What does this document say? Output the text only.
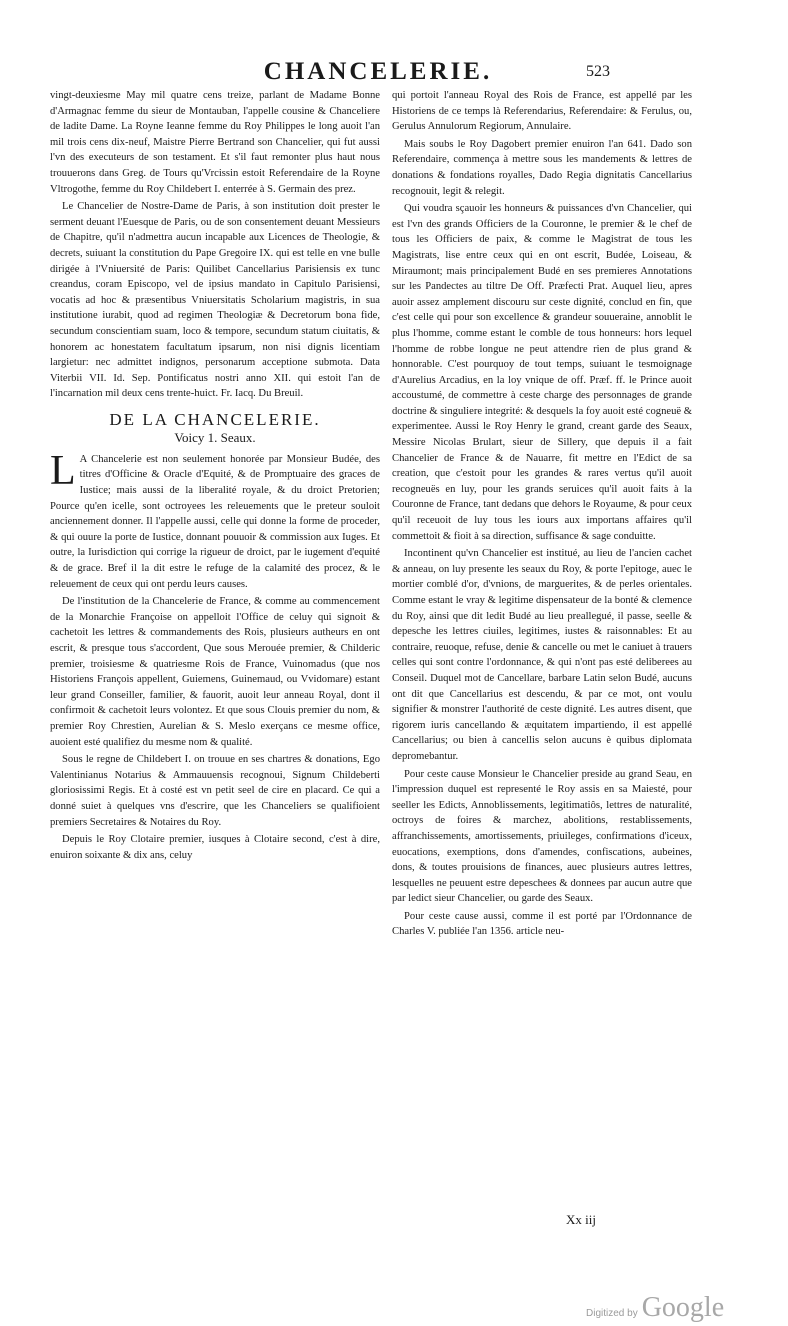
CHANCELERIE.	523

vingt-deuxiesme May mil quatre cens treize, parlant de Madame Bonne d'Armagnac femme du sieur de Montauban, l'appelle cousine & Chanceliere de ladite Dame. La Royne Ieanne femme du Roy Philippes le long auoit l'an mil trois cens dix-neuf, Maistre Pierre Bertrand son Chancelier, qui fut aussi l'vn des executeurs de son testament. Et s'il faut remonter plus haut nous trouuerons dans Greg. de Tours qu'Vrcissin estoit Referendaire de la Royne Vltrogothe, femme du Roy Childebert I. enterrée à S. Germain des prez.

Le Chancelier de Nostre-Dame de Paris, à son institution doit prester le serment deuant l'Euesque de Paris, ou de son consentement deuant Messieurs de Chapitre, qu'il n'admettra aucun incapable aux Licences de Theologie, & decrets, suiuant la constitution du Pape Gregoire IX. qui est telle en vne bulle dirigée à l'Vniuersité de Paris: Quilibet Cancellarius Parisiensis ex tunc creandus, coram Episcopo, vel de ipsius mandato in Capitulo Parisiensi, vocatis ad hoc & præsentibus Vniuersitatis Scholarium magistris, in sua institutione iurabit, quod ad regimen Theologiæ & Decretorum bona fide, secundum conscientiam suam, loco & tempore, secundum statum ciuitatis, & honorem ac honestatem facultatum ipsarum, non nisi dignis licentiam largietur: nec admittet indignos, personarum acceptione submota. Data Viterbii VII. Id. Sep. Pontificatus nostri anno XII. qui estoit l'an de l'incarnation mil deux cens trente-huict. Fr. Iacq. Du Breuil.

DE LA CHANCELERIE.
Voicy 1. Seaux.

L A Chancelerie est non seulement honorée par Monsieur Budée, des titres d'Officine & Oracle d'Equité, & de Promptuaire des graces de Iustice; mais aussi de la liberalité royale, & du droict Pretorien; Pource qu'en icelle, sont octroyees les releuements que le preteur souloit anciennement donner. Il l'appelle aussi, celle qui donne la forme de proceder, & qui ouure la porte de Iustice, donnant pouuoir & commission aux Iuges. Et outre, la Iurisdiction qui corrige la rigueur de droict, par le iugement d'equité & de grace. Bref il la dit estre le refuge de la calamité des procez, & le releuement de ceux qui ont perdu leurs causes.

De l'institution de la Chancelerie de France, & comme au commencement de la Monarchie Françoise on appelloit l'Office de celuy qui signoit & cachetoit les lettres & commandements des Rois, plusieurs autheurs en ont escrit, & presque tous s'accordent, Que sous Merouée premier, & Childeric premier, troisiesme & quatriesme Rois de France, Vuinomadus (que nos Historiens François appellent, Guiemens, Guinemaud, ou Vvidomare) estant leur grand Conseiller, familier, & fauorit, auoit leur anneau Royal, dont il confirmoit & cachetoit leurs volontez. Et que sous Clouis premier du nom, & premier Roy Chrestien, Aurelian & S. Meslo exerçans ce mesme office, auoient esté qualifiez du mesme nom & qualité.

Sous le regne de Childebert I. on trouue en ses chartres & donations, Ego Valentinianus Notarius & Ammauuensis recognoui, Signum Childeberti gloriosissimi Regis. Et à costé est vn petit seel de cire en placard. Ce qui a donné suiet à quelques vns d'escrire, que les Chanceliers se qualifioient premiers Secretaires & Notaires du Roy.

Depuis le Roy Clotaire premier, iusques à Clotaire second, c'est à dire, enuiron soixante & dix ans, celuy

qui portoit l'anneau Royal des Rois de France, est appellé par les Historiens de ce temps là Referendarius, Referendaire: & Ferulus, ou, Gerulus Annulorum Regiorum, Annulaire.

Mais soubs le Roy Dagobert premier enuiron l'an 641. Dado son Referendaire, commença à mettre sous les mandements & lettres de donations & fondations royalles, Dado Regia dignitatis Cancellarius recognouit, legit & relegit.

Qui voudra sçauoir les honneurs & puissances d'vn Chancelier, qui est l'vn des grands Officiers de la Couronne, le premier & le chef de tous les Officiers de paix, & comme le Magistrat de tous les Magistrats, lise entre ceux qui en ont escrit, Budée, Loiseau, & Miraumont; mais principalement Budé en ses premieres Annotations sur les Pandectes au tiltre De Off. Præfecti Prat. Auquel lieu, apres auoir assez amplement discouru sur ceste dignité, conclud en fin, que c'est celle qui pour son excellence & grandeur souueraine, annoblit le plus l'homme, comme estant le comble de tous honneurs: hors lequel l'homme de robbe longue ne peut attendre rien de plus grand & honnorable. C'est pourquoy de tout temps, suiuant le tesmoignage d'Aurelius Arcadius, en la loy vnique de off. Præf. ff. le Prince auoit accoustumé, de commettre à ceste charge des personnages de grande doctrine & singuliere integrité: & desquels la foy auoit esté cogneuë & experimentee. Aussi le Roy Henry le grand, creant garde des Seaux, Messire Nicolas Brulart, sieur de Sillery, que depuis il a fait Chancelier de France & de Nauarre, fit mettre en l'Edict de sa creation, que c'estoit pour les grandes & rares vertus qu'il auoit recogneuës en luy, pour les grands seruices qu'il auoit faits à la Couronne de France, tant dedans que dehors le Royaume, & pour ceux qu'il receuoit de luy tous les iours aux importans affaires qu'il commettoit & fioit à sa direction, suffisance & sage conduitte.

Incontinent qu'vn Chancelier est institué, au lieu de l'ancien cachet & anneau, on luy presente les seaux du Roy, & porte l'epitoge, auec le mortier comblé d'or, d'vnions, de marguerites, & de perles orientales. Comme estant le vray & legitime dispensateur de la bonté & clemence du Roy, ainsi que dit ledit Budé au lieu preallegué, il passe, seelle & depesche les lettres ciuiles, legitimes, iustes & raisonnables: Et au contraire, reuoque, refuse, denie & cancelle ou met le caniuet à trauers celles qui sont contre l'ordonnance, & qui n'ont pas esté deliberees au Conseil. Duquel mot de Cancellare, barbare Latin selon Budé, aucuns ont dit que Cancellarius est descendu, & par ce mot, ont voulu signifier & monstrer l'authorité de ceste dignité. Les autres disent, que rigorem iuris cancellando & æquitatem impartiendo, il est appellé Cancellarius; ou bien à cancellis selon aucuns è quibus diplomata depromebantur.

Pour ceste cause Monsieur le Chancelier preside au grand Seau, en l'impression duquel est representé le Roy assis en sa Maiesté, pour seeller les Edicts, Annoblissements, legitimatiôs, lettres de naturalité, octroys de foires & marchez, abolitions, restablissements, affranchissements, amortissements, priuileges, confirmations d'iceux, euocations, exemptions, dons d'amendes, confiscations, aubeines, dons, & toutes prouisions de finances, auec plusieurs autres lettres, lesquelles ne peuuent estre depeschees & donnees par aucun autre que par ledict sieur Chancelier, ou garde des Seaux.

Pour ceste cause aussi, comme il est porté par l'Ordonnance de Charles V. publiée l'an 1356. article neu-

Xx iij
Digitized by Google
